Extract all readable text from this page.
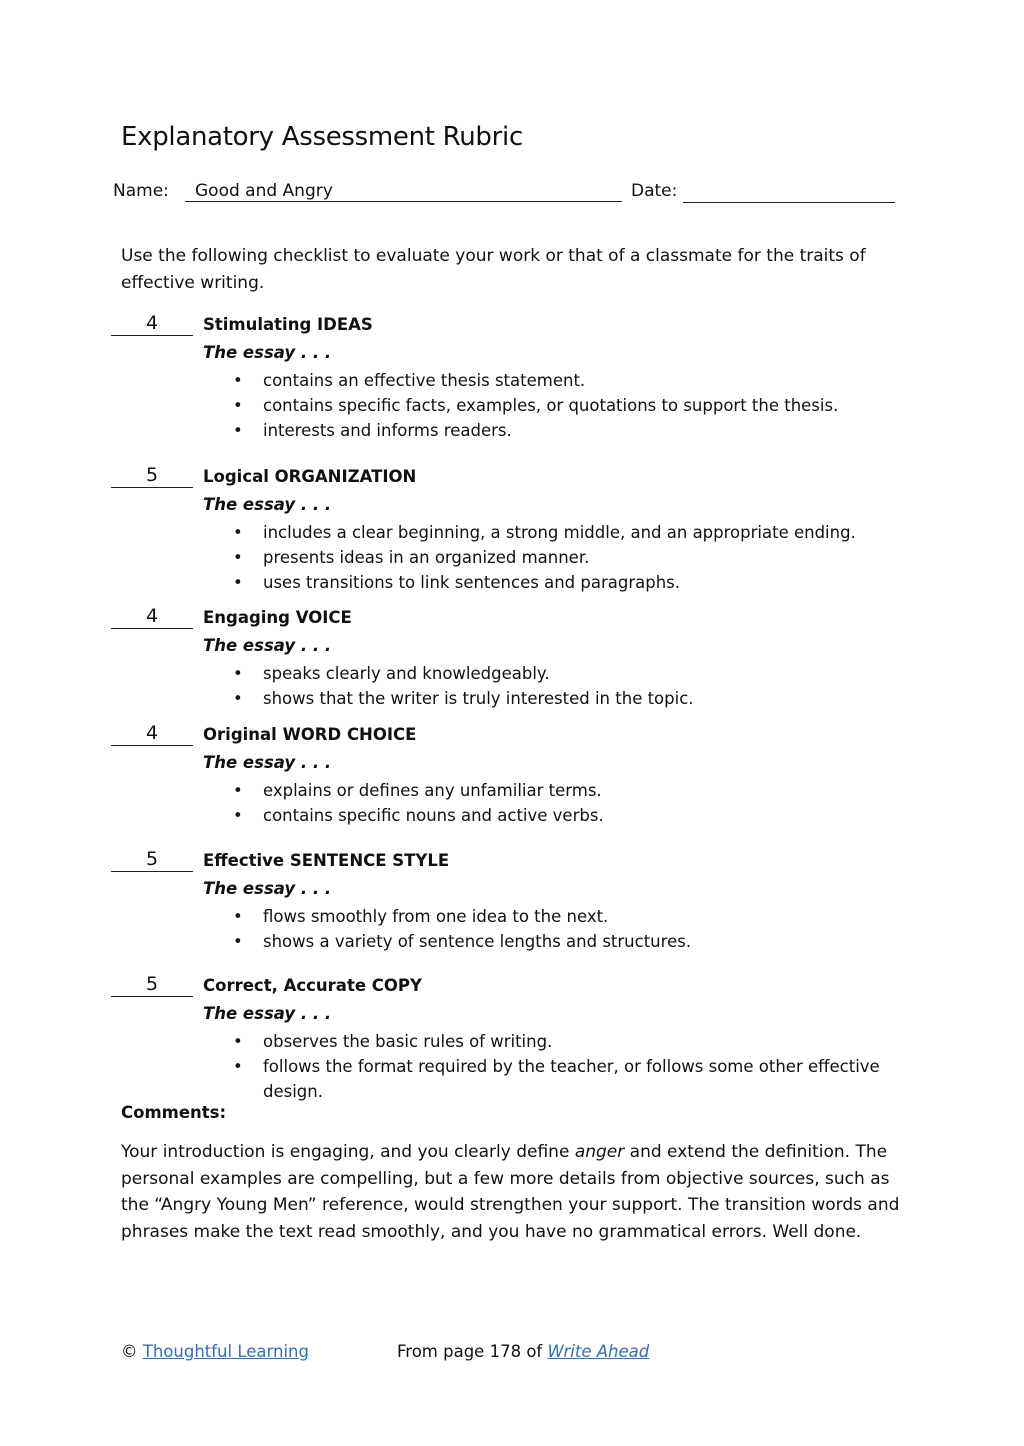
Explanatory Assessment Rubric
Name:	Good and Angry	Date:

Use the following checklist to evaluate your work or that of a classmate for the traits of effective writing.

4	Stimulating IDEAS
The essay . . .
• contains an effective thesis statement.
• contains specific facts, examples, or quotations to support the thesis.
• interests and informs readers.
5	Logical ORGANIZATION
The essay . . .
• includes a clear beginning, a strong middle, and an appropriate ending.
• presents ideas in an organized manner.
• uses transitions to link sentences and paragraphs.
4	Engaging VOICE
The essay . . .
• speaks clearly and knowledgeably.
• shows that the writer is truly interested in the topic.
4	Original WORD CHOICE
The essay . . .
• explains or defines any unfamiliar terms.
• contains specific nouns and active verbs.
5	Effective SENTENCE STYLE
The essay . . .
• flows smoothly from one idea to the next.
• shows a variety of sentence lengths and structures.
5	Correct, Accurate COPY
The essay . . .
• observes the basic rules of writing.
• follows the format required by the teacher, or follows some other effective design.
Comments:

Your introduction is engaging, and you clearly define anger and extend the definition. The personal examples are compelling, but a few more details from objective sources, such as the “Angry Young Men” reference, would strengthen your support. The transition words and phrases make the text read smoothly, and you have no grammatical errors. Well done.

© Thoughtful Learning	From page 178 of Write Ahead
